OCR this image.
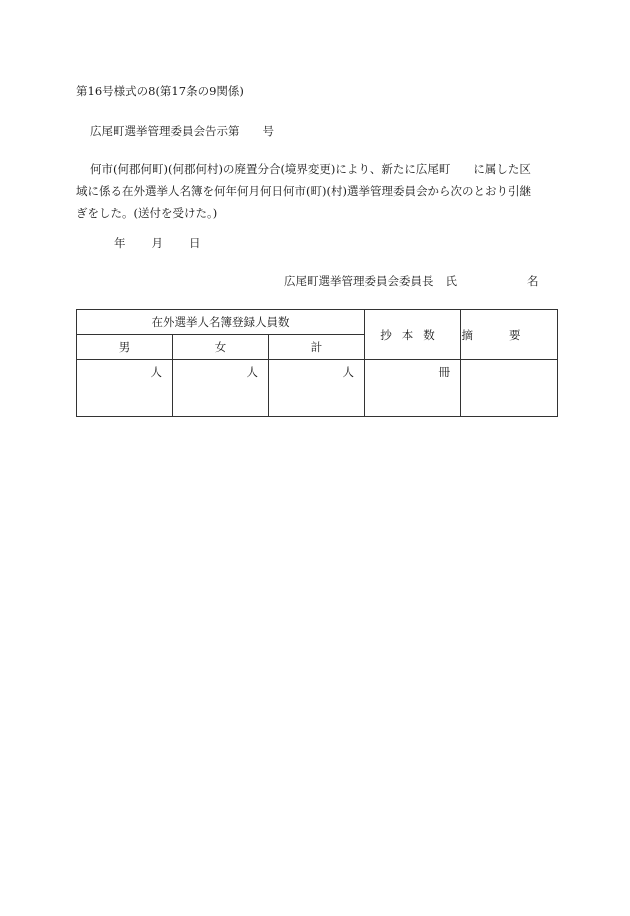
第16号様式の8(第17条の9関係)
広尾町選挙管理委員会告示第　　号
何市(何郡何町)(何郡何村)の廃置分合(境界変更)により、新たに広尾町　　に属した区
域に係る在外選挙人名簿を何年何月何日何市(町)(村)選挙管理委員会から次のとおり引継
ぎをした。(送付を受けた。)
年 月 日
広尾町選挙管理委員会委員長 氏	名
在外選挙人名簿登録人員数			抄本数	摘要
男	女	計		
人	人	人	冊	
